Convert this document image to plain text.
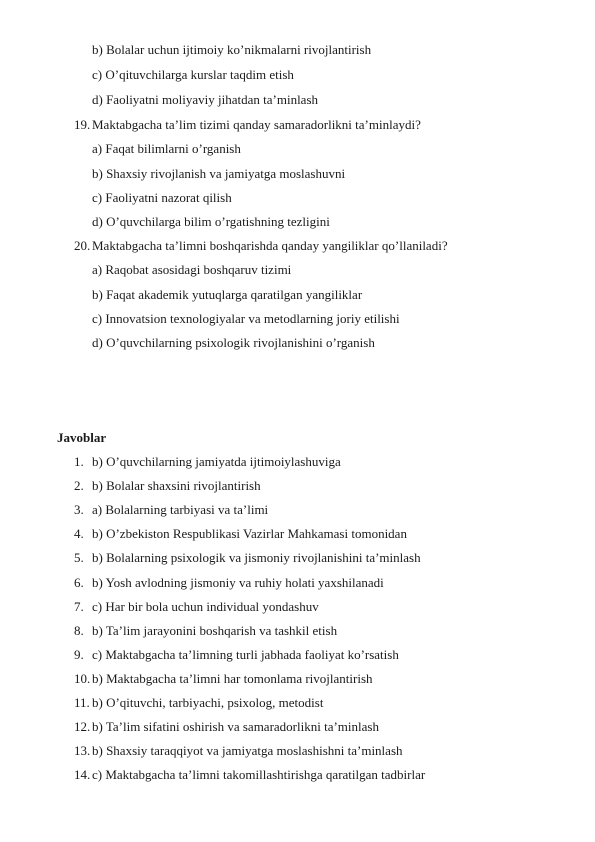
b) Bolalar uchun ijtimoiy ko’nikmalarni rivojlantirish
c) O’qituvchilarga kurslar taqdim etish
d) Faoliyatni moliyaviy jihatdan ta’minlash
19. Maktabgacha ta’lim tizimi qanday samaradorlikni ta’minlaydi?
a) Faqat bilimlarni o’rganish
b) Shaxsiy rivojlanish va jamiyatga moslashuvni
c) Faoliyatni nazorat qilish
d) O’quvchilarga bilim o’rgatishning tezligini
20. Maktabgacha ta’limni boshqarishda qanday yangiliklar qo’llaniladi?
a) Raqobat asosidagi boshqaruv tizimi
b) Faqat akademik yutuqlarga qaratilgan yangiliklar
c) Innovatsion texnologiyalar va metodlarning joriy etilishi
d) O’quvchilarning psixologik rivojlanishini o’rganish
Javoblar
1. b) O’quvchilarning jamiyatda ijtimoiylashuviga
2. b) Bolalar shaxsini rivojlantirish
3. a) Bolalarning tarbiyasi va ta’limi
4. b) O’zbekiston Respublikasi Vazirlar Mahkamasi tomonidan
5. b) Bolalarning psixologik va jismoniy rivojlanishini ta’minlash
6. b) Yosh avlodning jismoniy va ruhiy holati yaxshilanadi
7. c) Har bir bola uchun individual yondashuv
8. b) Ta’lim jarayonini boshqarish va tashkil etish
9. c) Maktabgacha ta’limning turli jabhada faoliyat ko’rsatish
10. b) Maktabgacha ta’limni har tomonlama rivojlantirish
11. b) O’qituvchi, tarbiyachi, psixolog, metodist
12. b) Ta’lim sifatini oshirish va samaradorlikni ta’minlash
13. b) Shaxsiy taraqqiyot va jamiyatga moslashishni ta’minlash
14. c) Maktabgacha ta’limni takomillashtirishga qaratilgan tadbirlar
